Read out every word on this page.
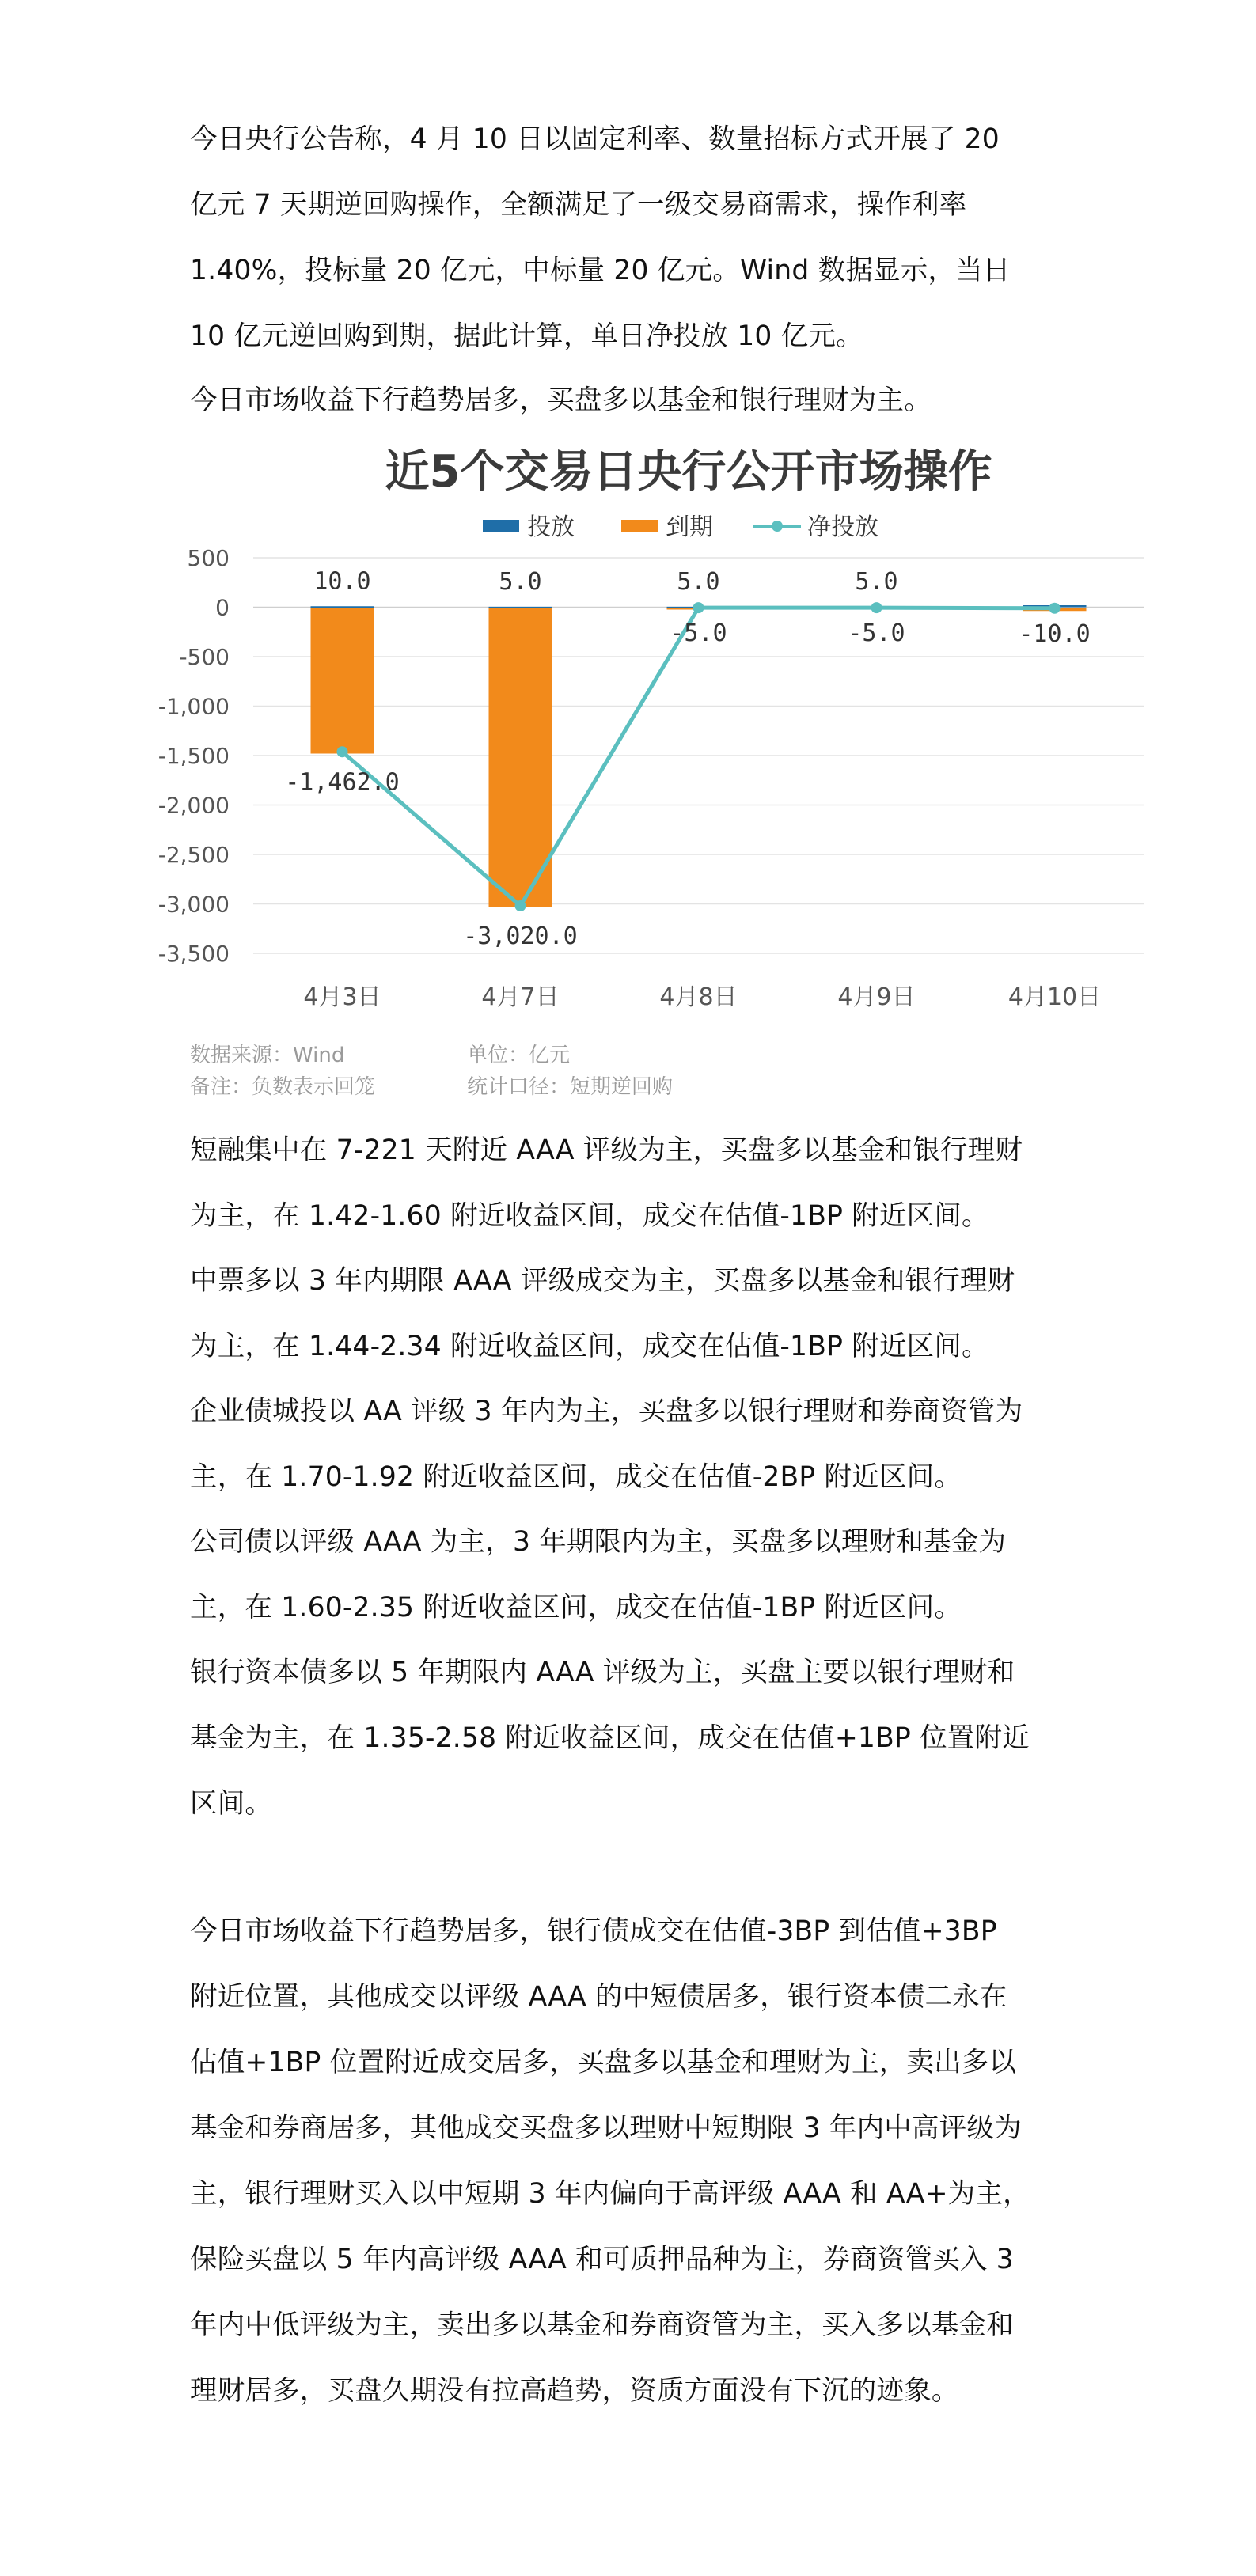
今日央行公告称，4 月 10 日以固定利率、数量招标方式开展了 20
亿元 7 天期逆回购操作，全额满足了一级交易商需求，操作利率
1.40%，投标量 20 亿元，中标量 20 亿元。Wind 数据显示，当日
10 亿元逆回购到期，据此计算，单日净投放 10 亿元。
今日市场收益下行趋势居多，买盘多以基金和银行理财为主。
近5个交易日央行公开市场操作
投放	到期	净投放
500
0
-500
-1,000
-1,500
-2,000
-2,500
-3,000
-3,500
10.0	5.0	5.0	5.0
-1,462.0
-3,020.0
-5.0	-5.0	-10.0
4月3日	4月7日	4月8日	4月9日	4月10日
数据来源：Wind	单位：亿元
备注：负数表示回笼	统计口径：短期逆回购
短融集中在 7-221 天附近 AAA 评级为主，买盘多以基金和银行理财
为主，在 1.42-1.60 附近收益区间，成交在估值-1BP 附近区间。
中票多以 3 年内期限 AAA 评级成交为主，买盘多以基金和银行理财
为主，在 1.44-2.34 附近收益区间，成交在估值-1BP 附近区间。
企业债城投以 AA 评级 3 年内为主，买盘多以银行理财和券商资管为
主，在 1.70-1.92 附近收益区间，成交在估值-2BP 附近区间。
公司债以评级 AAA 为主，3 年期限内为主，买盘多以理财和基金为
主，在 1.60-2.35 附近收益区间，成交在估值-1BP 附近区间。
银行资本债多以 5 年期限内 AAA 评级为主，买盘主要以银行理财和
基金为主，在 1.35-2.58 附近收益区间，成交在估值+1BP 位置附近
区间。
今日市场收益下行趋势居多，银行债成交在估值-3BP 到估值+3BP
附近位置，其他成交以评级 AAA 的中短债居多，银行资本债二永在
估值+1BP 位置附近成交居多，买盘多以基金和理财为主，卖出多以
基金和券商居多，其他成交买盘多以理财中短期限 3 年内中高评级为
主，银行理财买入以中短期 3 年内偏向于高评级 AAA 和 AA+为主，
保险买盘以 5 年内高评级 AAA 和可质押品种为主，券商资管买入 3
年内中低评级为主，卖出多以基金和券商资管为主，买入多以基金和
理财居多，买盘久期没有拉高趋势，资质方面没有下沉的迹象。
